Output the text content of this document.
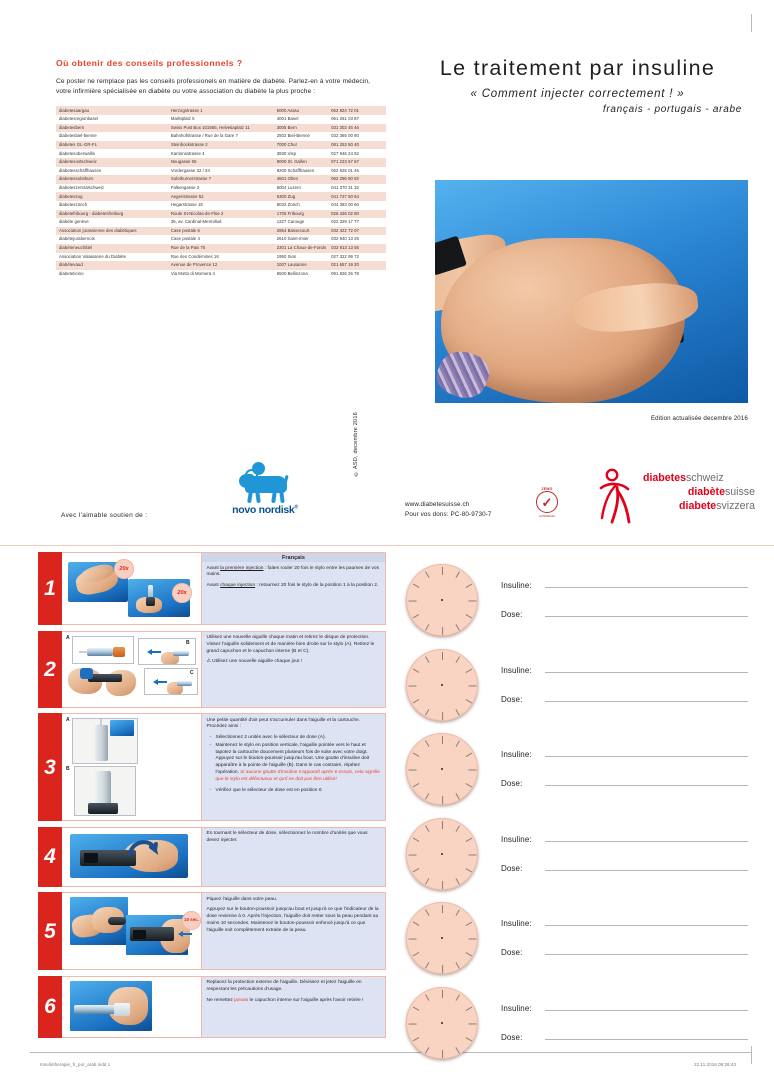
Où obtenir des conseils professionnels ?
Ce poster ne remplace pas les conseils professionels en matière de diabète. Parlez-en à votre médecin, votre infirmière spécialisée en diabète ou votre association du diabète la plus proche :
diabetesaargau	Herzogstrasse 1	5000 Aarau	062 824 72 01
diabetesregionbasel	Marktplatz 5	4001 Basel	061 261 03 87
diabetesbern	Swiss Post Box 101565, Helvetiaplatz 11	3005 Bern	031 302 45 46
diabetesbiel-bienne	Bahnhofstrasse / Rue de la Gare 7	2502 Biel-Bienne	032 365 00 80
diabetes GL-GR-FL	Steinbockstrasse 2	7000 Chur	081 253 50 40
diabetesoberwallis	Kantonsstrasse 4	3930 Visp	027 946 24 52
diabetesostschweiz	Neugasse 55	9000 St. Gallen	071 223 67 67
diabetesschaffhausen	Vordergasse 32 / 34	8200 Schaffhausen	052 625 01 45
diabetessolothurn	Solothurnerstrasse 7	4601 Olten	062 296 80 82
diabeteszentralschweiz	Falkengasse 3	6004 Luzern	041 370 31 32
diabeteszug	Aegeristrasse 52	6300 Zug	041 727 50 64
diabeteszürich	Hegarstrasse 18	8032 Zürich	044 383 00 60
diabetefribourg - diabetesfreiburg	Route St-Nicolas-de-Flüe 2	1705 Fribourg	026 426 02 80
diabète genève	36, av. Cardinal-Mermillod	1227 Carouge	022 329 17 77
Association jurassienne des diabétiques	Case postale 6	2854 Bassecourt	032 422 72 07
diabètejurabernois	Case postale 4	2610 Saint-Imier	032 940 13 25
diabèteneuchâtel	Rue de la Paix 75	2301 La Chaux-de-Fonds	032 913 13 55
Association Valaisanne du Diabète	Rue des Condémines 16	1950 Sion	027 322 99 72
diabètevaud	Avenue de Provence 12	1007 Lausanne	021 657 19 20
diabeteticino	Via Motto di Mornera 4	6500 Bellinzona	091 826 26 78
Le traitement par insuline
« Comment injecter correctement ! »
français - portugais - arabe
Edition actualisée decembre 2016
Avec l'aimable soutien de :	novo nordisk®
© ASD, decembre 2016
www.diabetesuisse.ch
Pour vos dons: PC-80-9730-7
ZEWO
✓
GÜTESIEGEL
diabetesschweiz
diabètesuisse
diabetesvizzera
1
20x
20x
Français

Avant la première injection : faites rouler 20 fois le stylo entre les paumes de vos mains.

Avant chaque injection : retournez 20 fois le stylo de la position 1 à la position 2.

2
A
B
C

Utilisez une nouvelle aiguille chaque matin et retirez le disque de protection. Vissez l'aiguille solidement et de manière bien droite sur le stylo (A). Retirez le grand capuchon et le capuchon interne (B et C).

⚠ Utilisez une nouvelle aiguille chaque jour !

3
A
B

Une petite quantité d'air peut s'accumuler dans l'aiguille et la cartouche. Procédez ainsi :

- Sélectionnez 2 unités avec le sélecteur de dose (A).
- Maintenez le stylo en position verticale, l'aiguille pointée vers le haut et tapotez la cartouche doucement plusieurs fois de suite avec votre doigt. Appuyez sur le bouton-poussoir jusqu'au bout. Une goutte d'insuline doit apparaître à la pointe de l'aiguille (B). Dans le cas contraire, répétez l'opération. Si aucune goutte d'insuline n'apparaît après 6 essais, cela signifie que le stylo est défectueux et qu'il ne doit pas être utilisé!
- Vérifiez que le sélecteur de dose est en position 0.
4

En tournant le sélecteur de dose, sélectionnez le nombre d'unités que vous devez injecter.

5	10 sec.

Piquez l'aiguille dans votre peau.

Appuyez sur le bouton-poussoir jusqu'au bout et jusqu'à ce que l'indicateur de la dose revienne à 0. Après l'injection, l'aiguille doit rester sous la peau pendant au moins 10 secondes. Maintenez le bouton-poussoir enfoncé jusqu'à ce que l'aiguille soit complètement extraite de la peau.

6

Replacez la protection externe de l'aiguille. Dévissez et jetez l'aiguille en respectant les précautions d'usage.

Ne remettez jamais le capuchon interne sur l'aiguille après l'avoir retirée !

Insuline:
Dose:
Insuline:
Dose:
Insuline:
Dose:
Insuline:
Dose:
Insuline:
Dose:
Insuline:
Dose:
Insulintherapie_fr_por_arab.indd 1	22.11.2016 09:28:43
